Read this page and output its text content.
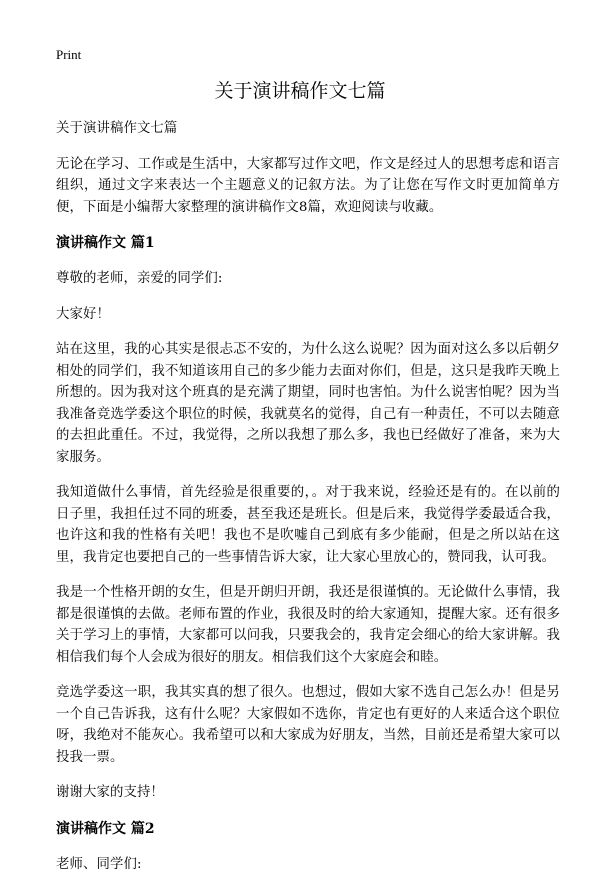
Print
关于演讲稿作文七篇

关于演讲稿作文七篇

无论在学习、工作或是生活中，大家都写过作文吧，作文是经过人的思想考虑和语言组织，通过文字来表达一个主题意义的记叙方法。为了让您在写作文时更加简单方便，下面是小编帮大家整理的演讲稿作文8篇，欢迎阅读与收藏。

演讲稿作文 篇1

尊敬的老师，亲爱的同学们:

大家好！

站在这里，我的心其实是很忐忑不安的，为什么这么说呢？因为面对这么多以后朝夕相处的同学们，我不知道该用自己的多少能力去面对你们，但是，这只是我昨天晚上所想的。因为我对这个班真的是充满了期望，同时也害怕。为什么说害怕呢？因为当我准备竞选学委这个职位的时候，我就莫名的觉得，自己有一种责任，不可以去随意的去担此重任。不过，我觉得，之所以我想了那么多，我也已经做好了准备，来为大家服务。

我知道做什么事情，首先经验是很重要的，。对于我来说，经验还是有的。在以前的日子里，我担任过不同的班委，甚至我还是班长。但是后来，我觉得学委最适合我，也许这和我的性格有关吧！我也不是吹嘘自己到底有多少能耐，但是之所以站在这里，我肯定也要把自己的一些事情告诉大家，让大家心里放心的，赞同我，认可我。

我是一个性格开朗的女生，但是开朗归开朗，我还是很谨慎的。无论做什么事情，我都是很谨慎的去做。老师布置的作业，我很及时的给大家通知，提醒大家。还有很多关于学习上的事情，大家都可以问我，只要我会的，我肯定会细心的给大家讲解。我相信我们每个人会成为很好的朋友。相信我们这个大家庭会和睦。

竞选学委这一职，我其实真的想了很久。也想过，假如大家不选自己怎么办！但是另一个自己告诉我，这有什么呢？大家假如不选你，肯定也有更好的人来适合这个职位呀，我绝对不能灰心。我希望可以和大家成为好朋友，当然，目前还是希望大家可以投我一票。

谢谢大家的支持！

演讲稿作文 篇2

老师、同学们:
